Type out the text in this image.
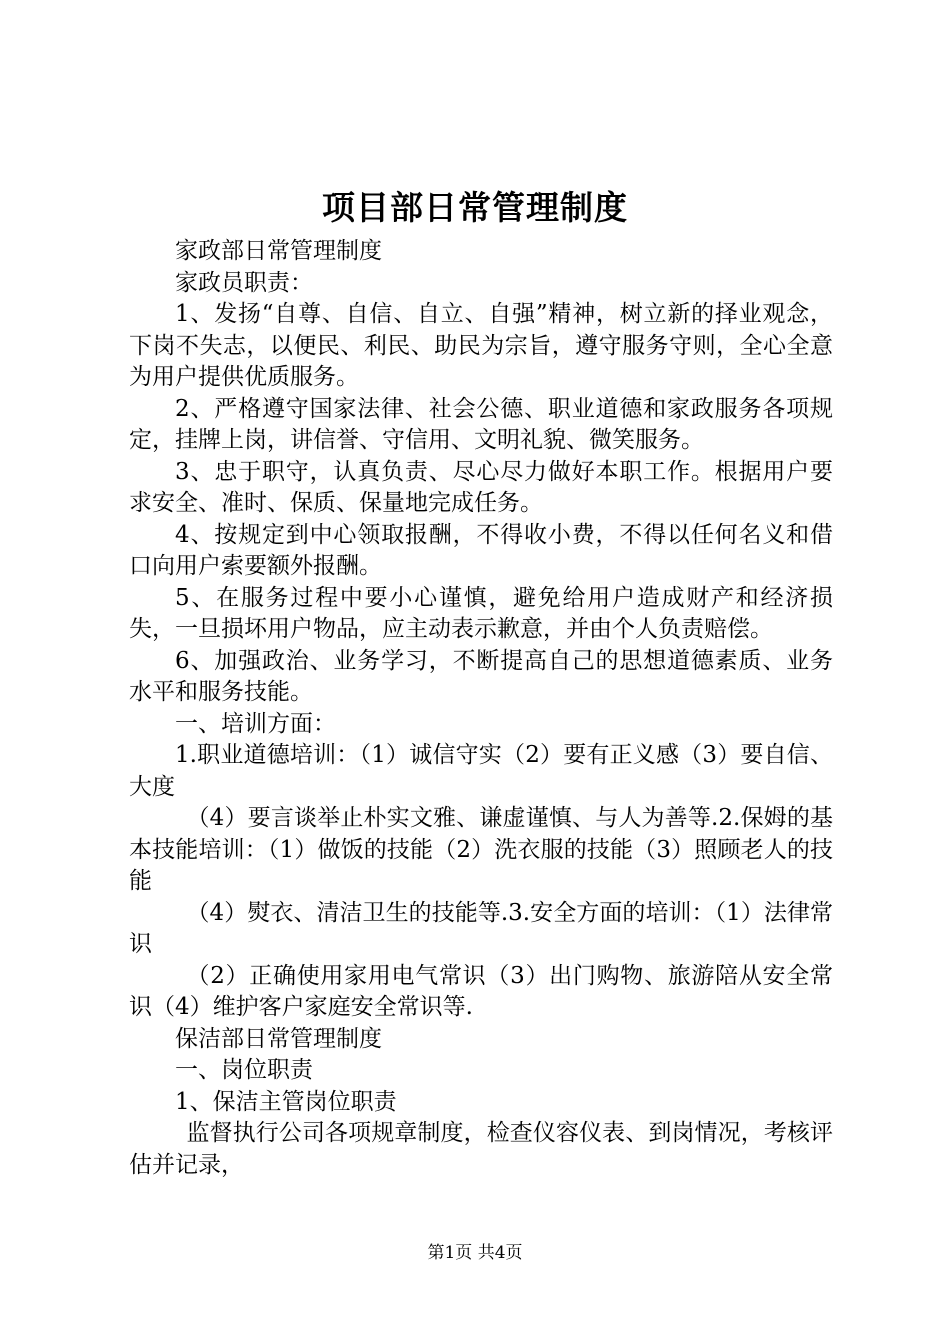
项目部日常管理制度

家政部日常管理制度

家政员职责：

1、发扬“自尊、自信、自立、自强”精神，树立新的择业观念，下岗不失志，以便民、利民、助民为宗旨，遵守服务守则，全心全意为用户提供优质服务。

2、严格遵守国家法律、社会公德、职业道德和家政服务各项规定，挂牌上岗，讲信誉、守信用、文明礼貌、微笑服务。

3、忠于职守，认真负责、尽心尽力做好本职工作。根据用户要求安全、准时、保质、保量地完成任务。

4、按规定到中心领取报酬，不得收小费，不得以任何名义和借口向用户索要额外报酬。

5、在服务过程中要小心谨慎，避免给用户造成财产和经济损失，一旦损坏用户物品，应主动表示歉意，并由个人负责赔偿。

6、加强政治、业务学习，不断提高自己的思想道德素质、业务水平和服务技能。

一、培训方面：

1.职业道德培训：（1）诚信守实（2）要有正义感（3）要自信、大度

（4）要言谈举止朴实文雅、谦虚谨慎、与人为善等.2.保姆的基本技能培训：（1）做饭的技能（2）洗衣服的技能（3）照顾老人的技能

（4）熨衣、清洁卫生的技能等.3.安全方面的培训：（1）法律常识

（2）正确使用家用电气常识（3）出门购物、旅游陪从安全常识（4）维护客户家庭安全常识等.

保洁部日常管理制度

一、岗位职责

1、保洁主管岗位职责

监督执行公司各项规章制度，检查仪容仪表、到岗情况，考核评估并记录，

第1页 共4页
